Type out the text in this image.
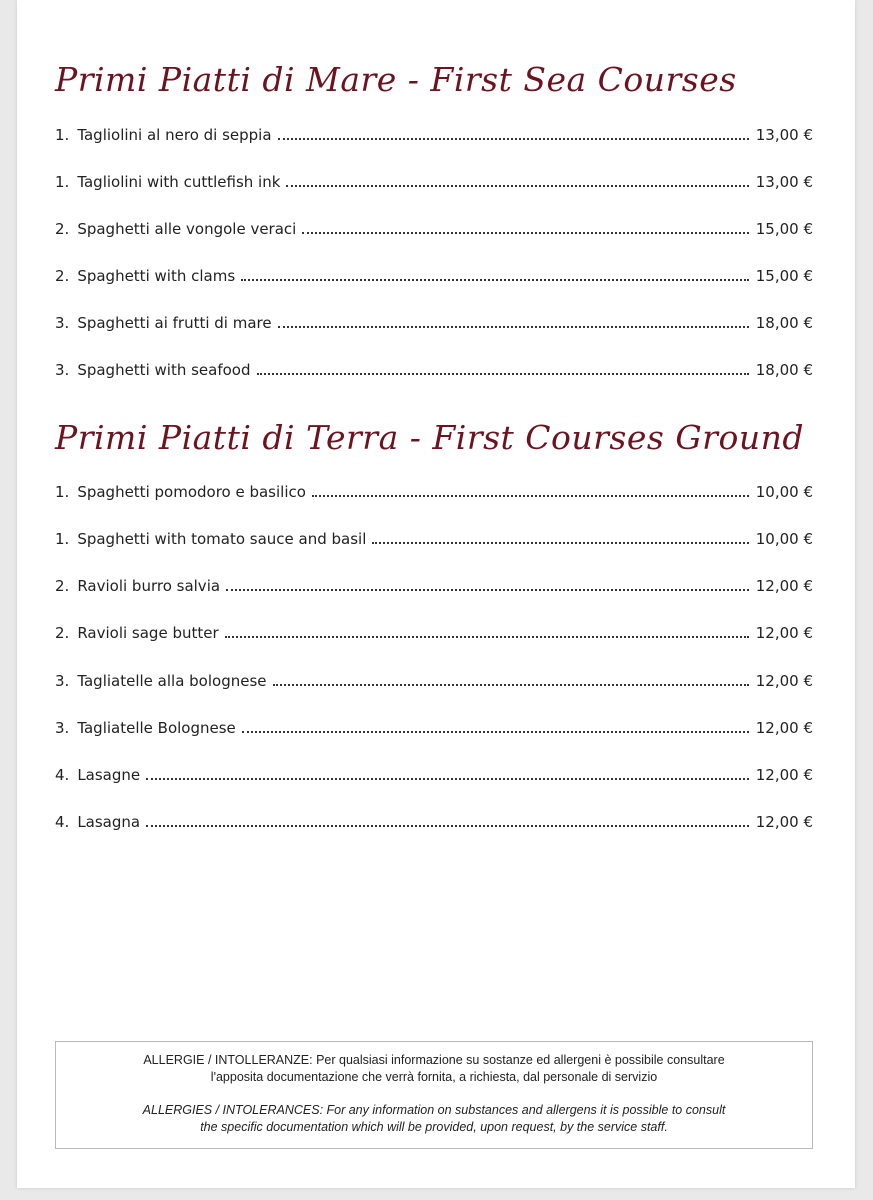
Primi Piatti di Mare - First Sea Courses
1. Tagliolini al nero di seppia	13,00 €
1. Tagliolini with cuttlefish ink	13,00 €
2. Spaghetti alle vongole veraci	15,00 €
2. Spaghetti with clams	15,00 €
3. Spaghetti ai frutti di mare	18,00 €
3. Spaghetti with seafood	18,00 €
Primi Piatti di Terra - First Courses Ground
1. Spaghetti pomodoro e basilico	10,00 €
1. Spaghetti with tomato sauce and basil	10,00 €
2. Ravioli burro salvia	12,00 €
2. Ravioli sage butter	12,00 €
3. Tagliatelle alla bolognese	12,00 €
3. Tagliatelle Bolognese	12,00 €
4. Lasagne	12,00 €
4. Lasagna	12,00 €

ALLERGIE / INTOLLERANZE: Per qualsiasi informazione su sostanze ed allergeni è possibile consultare
l'apposita documentazione che verrà fornita, a richiesta, dal personale di servizio

ALLERGIES / INTOLERANCES: For any information on substances and allergens it is possible to consult
the specific documentation which will be provided, upon request, by the service staff.
